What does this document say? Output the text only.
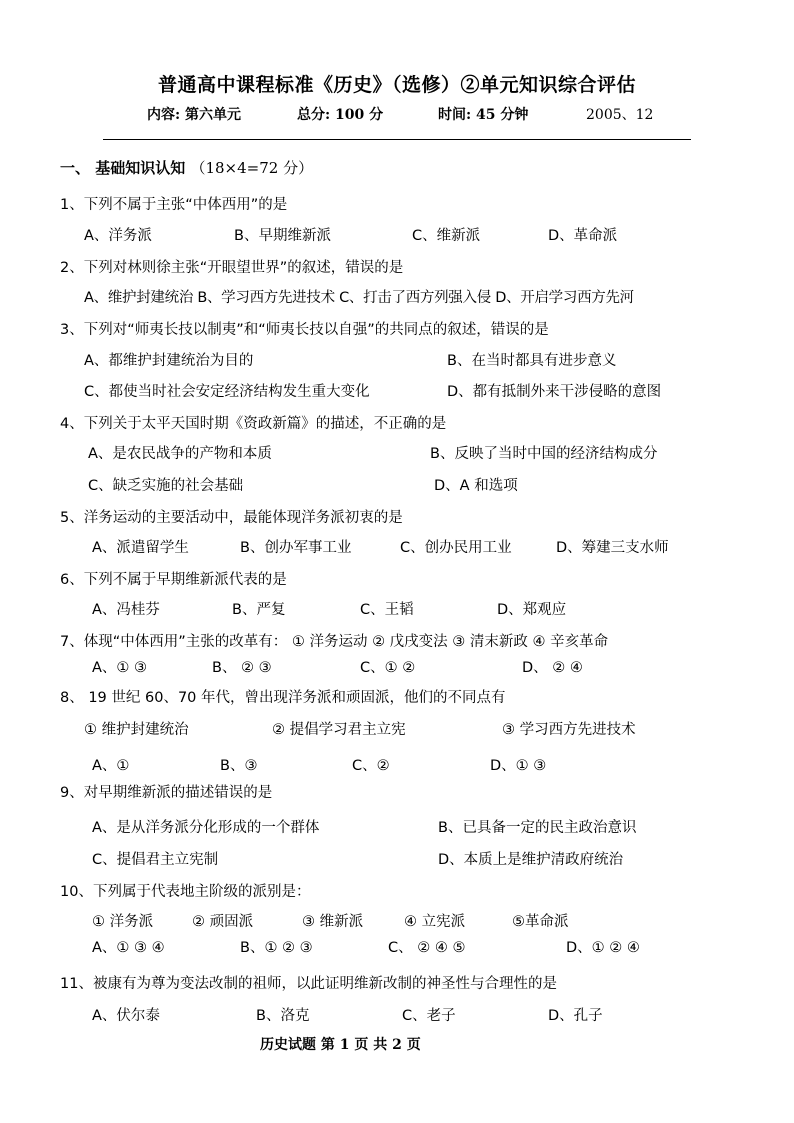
普通高中课程标准《历史》（选修）②单元知识综合评估
内容: 第六单元	总分: 100 分	时间: 45 分钟	2005、12
一、 基础知识认知 （18×4=72 分）
1、下列不属于主张“中体西用”的是
A、洋务派	B、早期维新派	C、维新派	D、革命派
2、下列对林则徐主张“开眼望世界”的叙述，错误的是
A、维护封建统治 B、学习西方先进技术 C、打击了西方列强入侵 D、开启学习西方先河
3、下列对“师夷长技以制夷”和“师夷长技以自强”的共同点的叙述，错误的是
A、都维护封建统治为目的	B、在当时都具有进步意义
C、都使当时社会安定经济结构发生重大变化	D、都有抵制外来干涉侵略的意图
4、下列关于太平天国时期《资政新篇》的描述，不正确的是
A、是农民战争的产物和本质	B、反映了当时中国的经济结构成分
C、缺乏实施的社会基础	D、A 和选项
5、洋务运动的主要活动中，最能体现洋务派初衷的是
A、派遣留学生	B、创办军事工业	C、创办民用工业	D、筹建三支水师
6、下列不属于早期维新派代表的是
A、冯桂芬	B、严复	C、王韬	D、郑观应
7、体现“中体西用”主张的改革有： ① 洋务运动 ② 戊戌变法 ③ 清末新政 ④ 辛亥革命
A、① ③	B、 ② ③	C、① ②	D、 ② ④
8、 19 世纪 60、70 年代，曾出现洋务派和顽固派，他们的不同点有
① 维护封建统治	② 提倡学习君主立宪	③ 学习西方先进技术
A、①	B、③	C、②	D、① ③
9、对早期维新派的描述错误的是
A、是从洋务派分化形成的一个群体	B、已具备一定的民主政治意识
C、提倡君主立宪制	D、本质上是维护清政府统治
10、下列属于代表地主阶级的派别是：
① 洋务派	② 顽固派	③ 维新派	④ 立宪派	⑤革命派
A、① ③ ④	B、① ② ③	C、 ② ④ ⑤	D、① ② ④
11、被康有为尊为变法改制的祖师，以此证明维新改制的神圣性与合理性的是
A、伏尔泰	B、洛克	C、老子	D、孔子
历史试题 第 1 页 共 2 页
